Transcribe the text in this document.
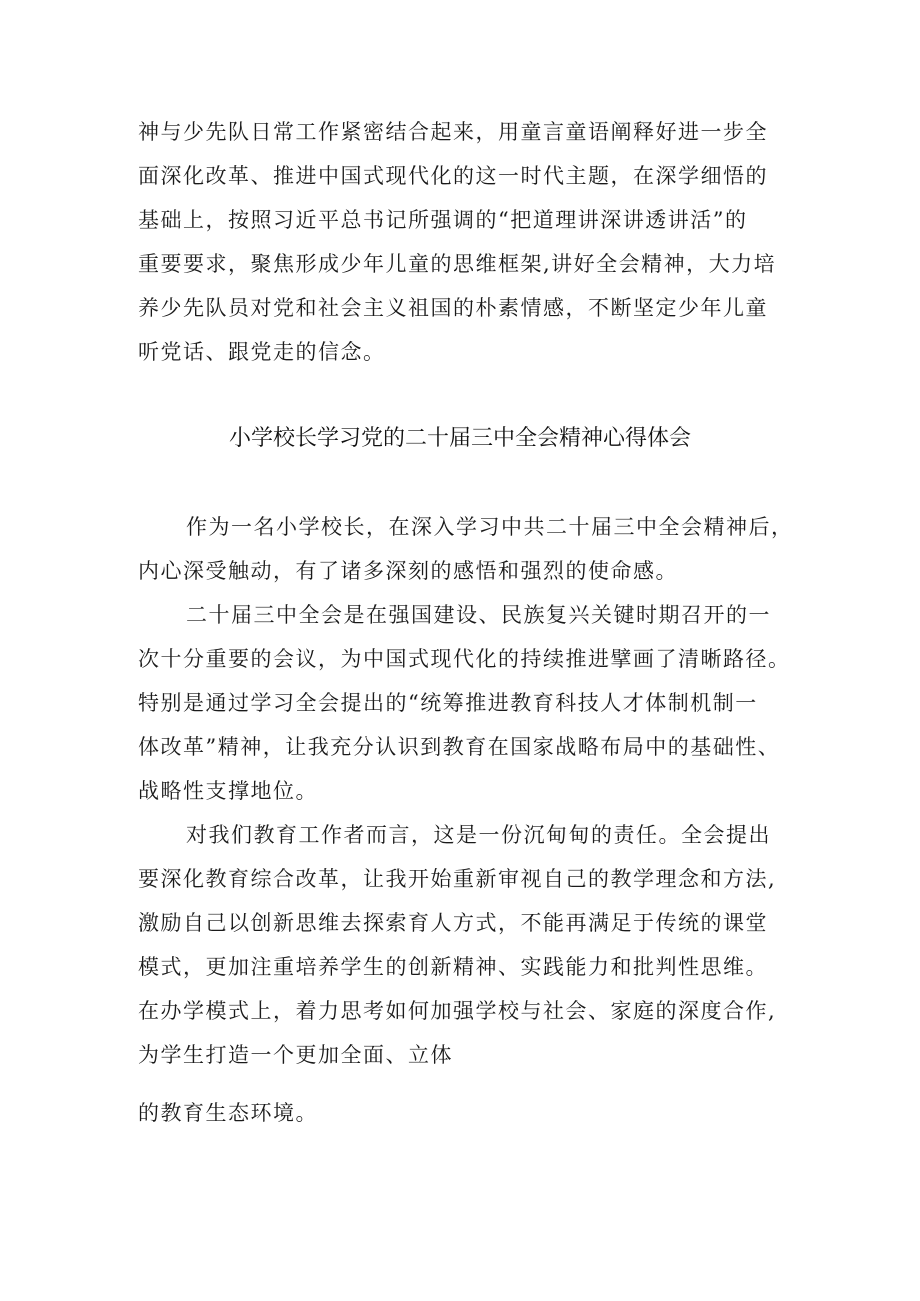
神与少先队日常工作紧密结合起来，用童言童语阐释好进一步全
面深化改革、推进中国式现代化的这一时代主题，在深学细悟的
基础上，按照习近平总书记所强调的“把道理讲深讲透讲活”的
重要要求，聚焦形成少年儿童的思维框架,讲好全会精神，大力培
养少先队员对党和社会主义祖国的朴素情感，不断坚定少年儿童
听党话、跟党走的信念。
小学校长学习党的二十届三中全会精神心得体会
作为一名小学校长，在深入学习中共二十届三中全会精神后，
内心深受触动，有了诸多深刻的感悟和强烈的使命感。
二十届三中全会是在强国建设、民族复兴关键时期召开的一
次十分重要的会议，为中国式现代化的持续推进擘画了清晰路径。
特别是通过学习全会提出的“统筹推进教育科技人才体制机制一
体改革”精神，让我充分认识到教育在国家战略布局中的基础性、
战略性支撑地位。
对我们教育工作者而言，这是一份沉甸甸的责任。全会提出
要深化教育综合改革，让我开始重新审视自己的教学理念和方法,
激励自己以创新思维去探索育人方式，不能再满足于传统的课堂
模式，更加注重培养学生的创新精神、实践能力和批判性思维。
在办学模式上，着力思考如何加强学校与社会、家庭的深度合作,
为学生打造一个更加全面、立体
的教育生态环境。
